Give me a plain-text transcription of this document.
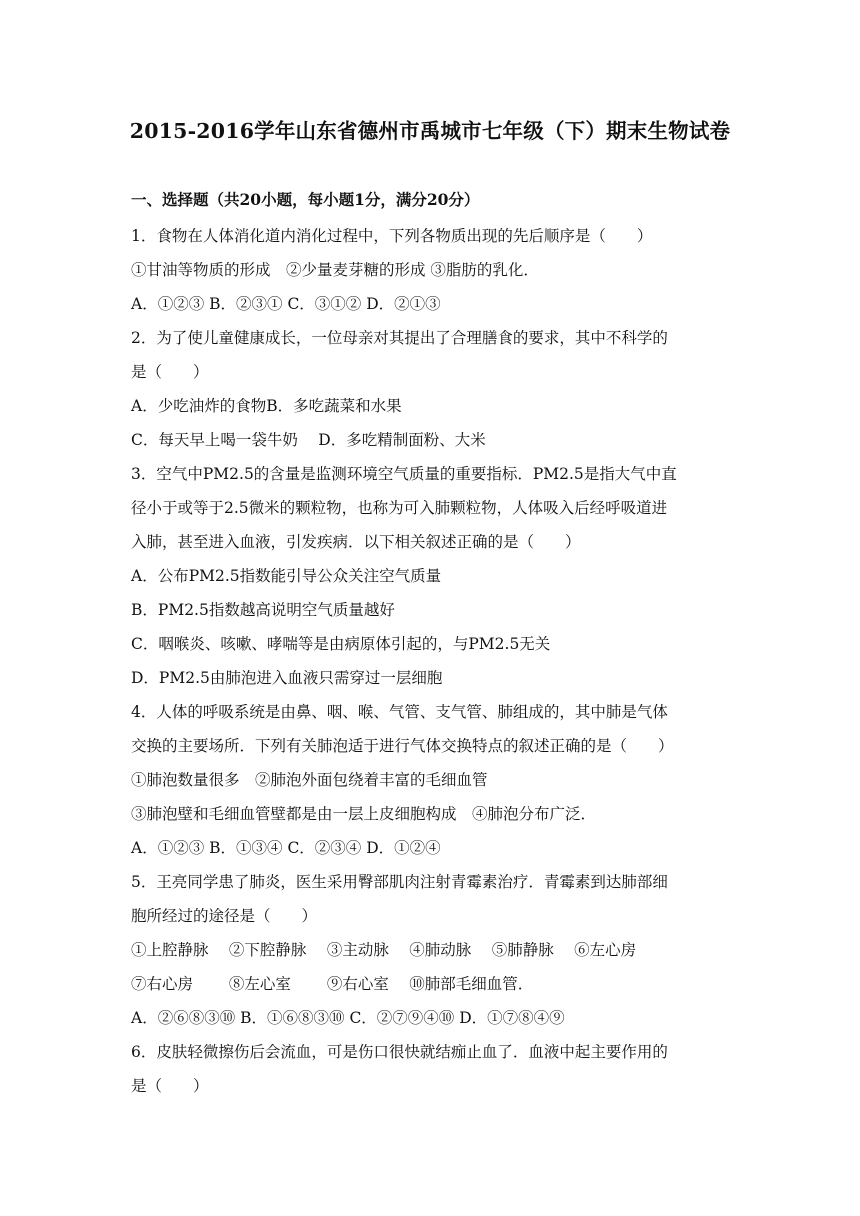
2015-2016学年山东省德州市禹城市七年级（下）期末生物试卷
一、选择题（共20小题，每小题1分，满分20分）
1．食物在人体消化道内消化过程中，下列各物质出现的先后顺序是（　　）
①甘油等物质的形成　②少量麦芽糖的形成 ③脂肪的乳化．
A．①②③ B．②③① C．③①② D．②①③
2．为了使儿童健康成长，一位母亲对其提出了合理膳食的要求，其中不科学的
是（　　）
A．少吃油炸的食物B．多吃蔬菜和水果
C．每天早上喝一袋牛奶　 D．多吃精制面粉、大米
3．空气中PM2.5的含量是监测环境空气质量的重要指标．PM2.5是指大气中直
径小于或等于2.5微米的颗粒物，也称为可入肺颗粒物，人体吸入后经呼吸道进
入肺，甚至进入血液，引发疾病．以下相关叙述正确的是（　　）
A．公布PM2.5指数能引导公众关注空气质量
B．PM2.5指数越高说明空气质量越好
C．咽喉炎、咳嗽、哮喘等是由病原体引起的，与PM2.5无关
D．PM2.5由肺泡进入血液只需穿过一层细胞
4．人体的呼吸系统是由鼻、咽、喉、气管、支气管、肺组成的，其中肺是气体
交换的主要场所．下列有关肺泡适于进行气体交换特点的叙述正确的是（　　）
①肺泡数量很多　②肺泡外面包绕着丰富的毛细血管
③肺泡壁和毛细血管壁都是由一层上皮细胞构成　④肺泡分布广泛．
A．①②③ B．①③④ C．②③④ D．①②④
5．王亮同学患了肺炎，医生采用臀部肌肉注射青霉素治疗．青霉素到达肺部细
胞所经过的途径是（　　）
①上腔静脉　 ②下腔静脉　 ③主动脉　 ④肺动脉　 ⑤肺静脉　 ⑥左心房
⑦右心房　　 ⑧左心室　　 ⑨右心室　 ⑩肺部毛细血管．
A．②⑥⑧③⑩ B．①⑥⑧③⑩ C．②⑦⑨④⑩ D．①⑦⑧④⑨
6．皮肤轻微擦伤后会流血，可是伤口很快就结痂止血了．血液中起主要作用的
是（　　）
